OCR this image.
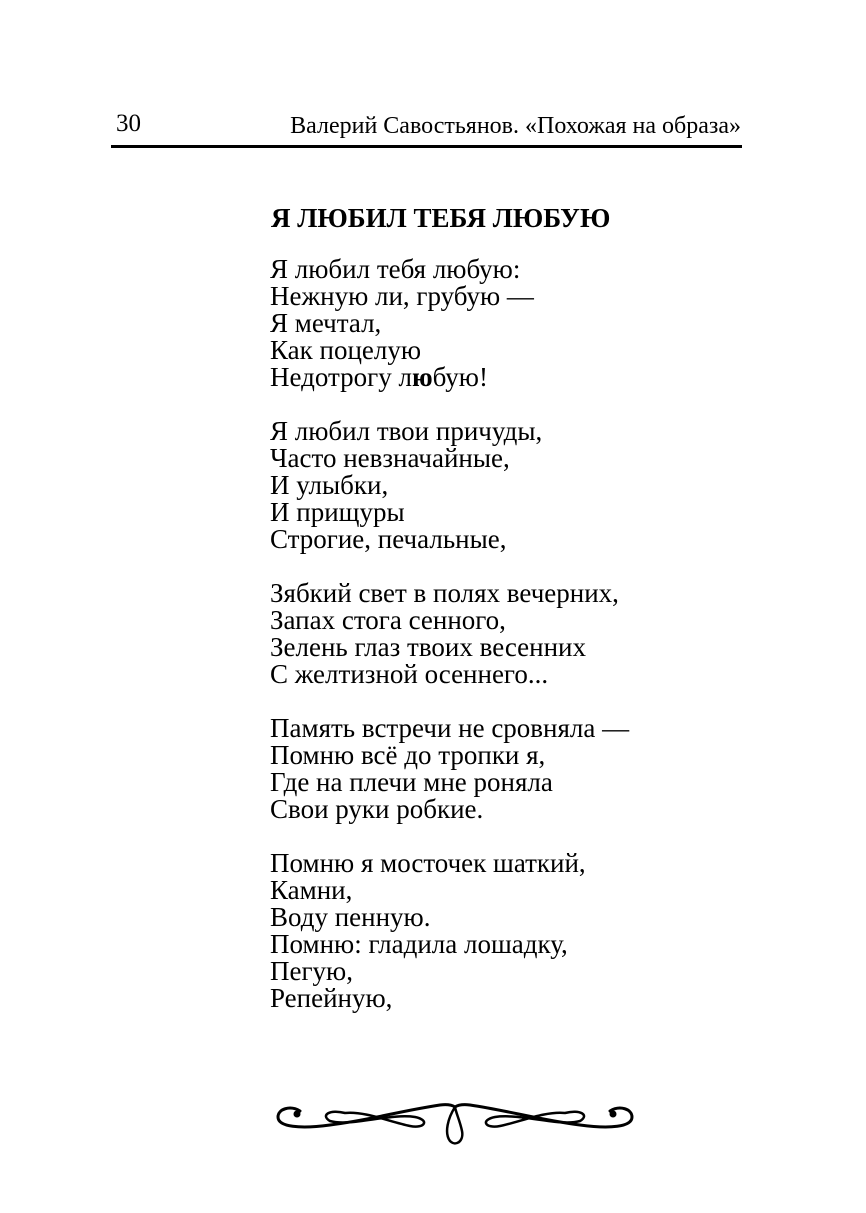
30	Валерий Савостьянов. «Похожая на образа»
Я ЛЮБИЛ ТЕБЯ ЛЮБУЮ
Я любил тебя любую:
Нежную ли, грубую —
Я мечтал,
Как поцелую
Недотрогу любую!
Я любил твои причуды,
Часто невзначайные,
И улыбки,
И прищуры
Строгие, печальные,
Зябкий свет в полях вечерних,
Запах стога сенного,
Зелень глаз твоих весенних
С желтизной осеннего...
Память встречи не сровняла —
Помню всё до тропки я,
Где на плечи мне роняла
Свои руки робкие.
Помню я мосточек шаткий,
Камни,
Воду пенную.
Помню: гладила лошадку,
Пегую,
Репейную,
